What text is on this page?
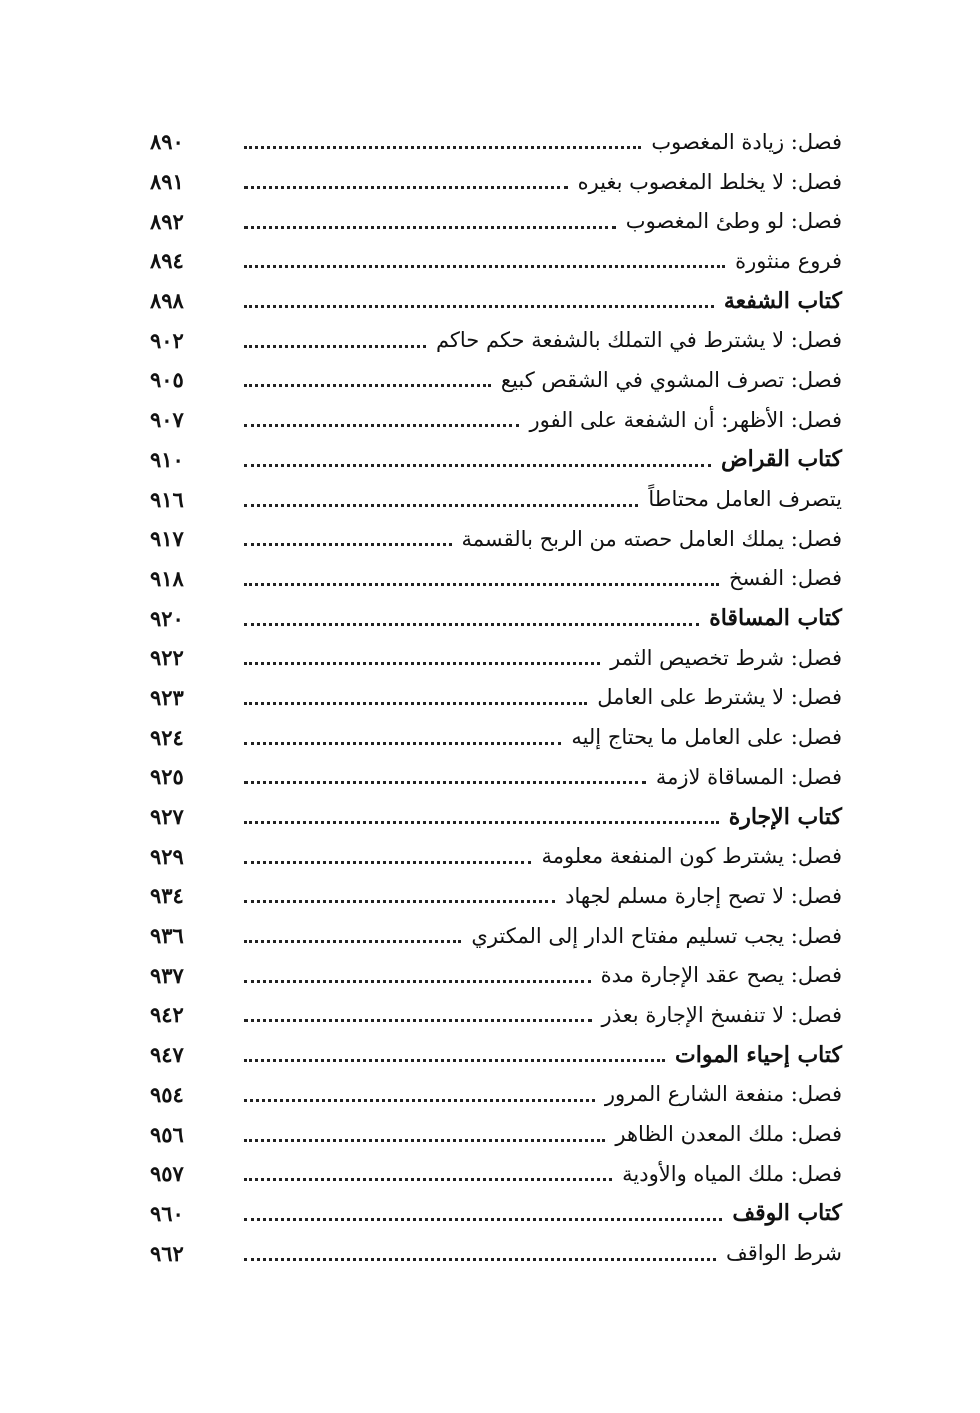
فصل: زيادة المغصوب
٨٩٠
فصل: لا يخلط المغصوب بغيره
٨٩١
فصل: لو وطئ المغصوب
٨٩٢
فروع منثورة
٨٩٤
كتاب الشفعة
٨٩٨
فصل: لا يشترط في التملك بالشفعة حكم حاكم
٩٠٢
فصل: تصرف المشوي في الشقص كبيع
٩٠٥
فصل: الأظهر: أن الشفعة على الفور
٩٠٧
كتاب القراض
٩١٠
يتصرف العامل محتاطاً
٩١٦
فصل: يملك العامل حصته من الربح بالقسمة
٩١٧
فصل: الفسخ
٩١٨
كتاب المساقاة
٩٢٠
فصل: شرط تخصيص الثمر
٩٢٢
فصل: لا يشترط على العامل
٩٢٣
فصل: على العامل ما يحتاج إليه
٩٢٤
فصل: المساقاة لازمة
٩٢٥
كتاب الإجارة
٩٢٧
فصل: يشترط كون المنفعة معلومة
٩٢٩
فصل: لا تصح إجارة مسلم لجهاد
٩٣٤
فصل: يجب تسليم مفتاح الدار إلى المكتري
٩٣٦
فصل: يصح عقد الإجارة مدة
٩٣٧
فصل: لا تنفسخ الإجارة بعذر
٩٤٢
كتاب إحياء الموات
٩٤٧
فصل: منفعة الشارع المرور
٩٥٤
فصل: ملك المعدن الظاهر
٩٥٦
فصل: ملك المياه والأودية
٩٥٧
كتاب الوقف
٩٦٠
شرط الواقف
٩٦٢
